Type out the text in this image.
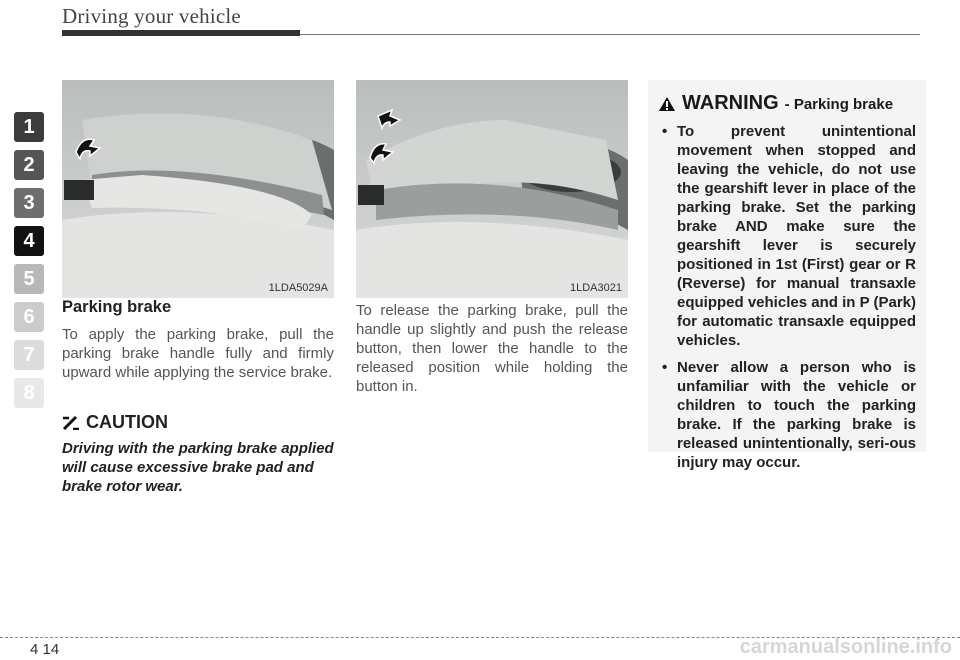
Driving your vehicle
1
2
3
4
5
6
7
8
1LDA5029A	1LDA3021
Parking brake

To apply the parking brake, pull the parking brake handle fully and firmly upward while applying the service brake.

CAUTION

Driving with the parking brake applied will cause excessive brake pad and brake rotor wear.

To release the parking brake, pull the handle up slightly and push the release button, then lower the handle to the released position while holding the button in.

WARNING - Parking brake
• To prevent unintentional movement when stopped and leaving the vehicle, do not use the gearshift lever in place of the parking brake. Set the parking brake AND make sure the gearshift lever is securely positioned in 1st (First) gear or R (Reverse) for manual transaxle equipped vehicles and in P (Park) for automatic transaxle equipped vehicles.
• Never allow a person who is unfamiliar with the vehicle or children to touch the parking brake. If the parking brake is released unintentionally, seri-ous injury may occur.
4 14	carmanualsonline.info
